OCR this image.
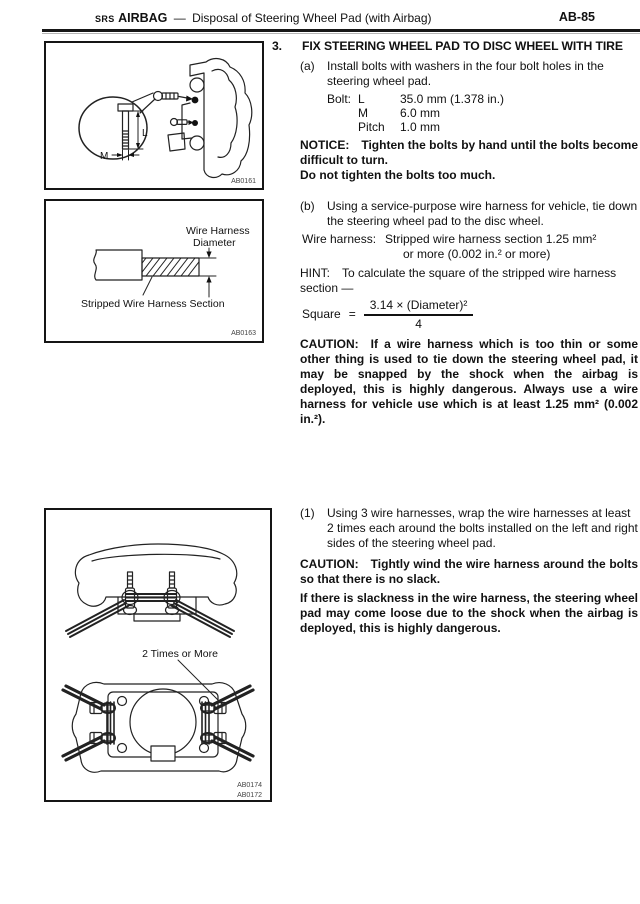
SRS AIRBAG — Disposal of Steering Wheel Pad (with Airbag)	AB-85
L
M
AB0161
Wire Harness
Diameter
Stripped Wire Harness Section
AB0163
2 Times or More
AB0174
AB0172
3.	FIX STEERING WHEEL PAD TO DISC WHEEL WITH TIRE
(a)	Install bolts with washers in the four bolt holes in the steering wheel pad.
Bolt: L	35.0 mm (1.378 in.)
M	6.0 mm
Pitch	1.0 mm

NOTICE: Tighten the bolts by hand until the bolts become difficult to turn.

Do not tighten the bolts too much.

(b)	Using a service-purpose wire harness for vehicle, tie down the steering wheel pad to the disc wheel.
Wire harness: Stripped wire harness section 1.25 mm²
or more (0.002 in.² or more)

HINT: To calculate the square of the stripped wire harness section —

Square = $\frac{\text{3.14 × (Diameter)²}}{4}$

CAUTION: If a wire harness which is too thin or some other thing is used to tie down the steering wheel pad, it may be snapped by the shock when the airbag is deployed, this is highly dangerous. Always use a wire harness for vehicle use which is at least 1.25 mm² (0.002 in.²).

(1)	Using 3 wire harnesses, wrap the wire harnesses at least 2 times each around the bolts installed on the left and right sides of the steering wheel pad.

CAUTION: Tightly wind the wire harness around the bolts so that there is no slack.

If there is slackness in the wire harness, the steering wheel pad may come loose due to the shock when the airbag is deployed, this is highly dangerous.
